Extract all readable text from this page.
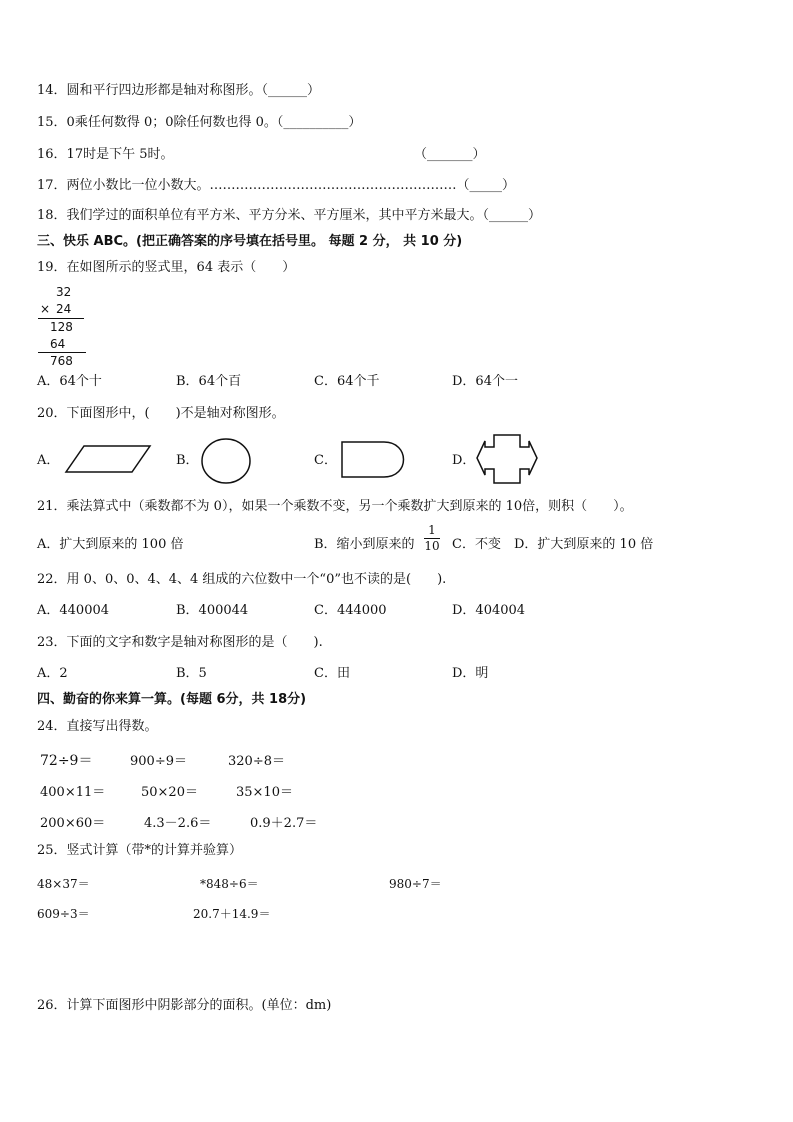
14．圆和平行四边形都是轴对称图形。（______）
15．0乘任何数得 0；0除任何数也得 0。（__________）
16．17时是下午 5时。	（_______）
17．两位小数比一位小数大。…………………………………………………（_____）
18．我们学过的面积单位有平方米、平方分米、平方厘米，其中平方米最大。（______）
三、快乐 ABC。(把正确答案的序号填在括号里。 每题 2 分， 共 10 分)
19．在如图所示的竖式里，64 表示（　　）
32
× 24
128
64
768
A．64个十	B．64个百	C．64个千	D．64个一
20．下面图形中，(　　)不是轴对称图形。
A．	B．	C．	D．
21．乘法算式中（乘数都不为 0），如果一个乘数不变，另一个乘数扩大到原来的 10倍，则积（　　）。
A．扩大到原来的 100 倍	B．缩小到原来的
1
10 C．不变 D．扩大到原来的 10 倍
22．用 0、0、0、4、4、4 组成的六位数中一个“0”也不读的是(　　).
A．440004	B．400044	C．444000	D．404004
23．下面的文字和数字是轴对称图形的是（　　).
A．2	B．5	C．田	D．明
四、勤奋的你来算一算。(每题 6分，共 18分)
24．直接写出得数。
72÷9＝	900÷9＝	320÷8＝
400×11＝	50×20＝	35×10＝
200×60＝	4.3－2.6＝	0.9＋2.7＝
25．竖式计算（带*的计算并验算）
48×37＝	*848÷6＝	980÷7＝
609÷3＝	20.7＋14.9＝
26．计算下面图形中阴影部分的面积。(单位：dm)
